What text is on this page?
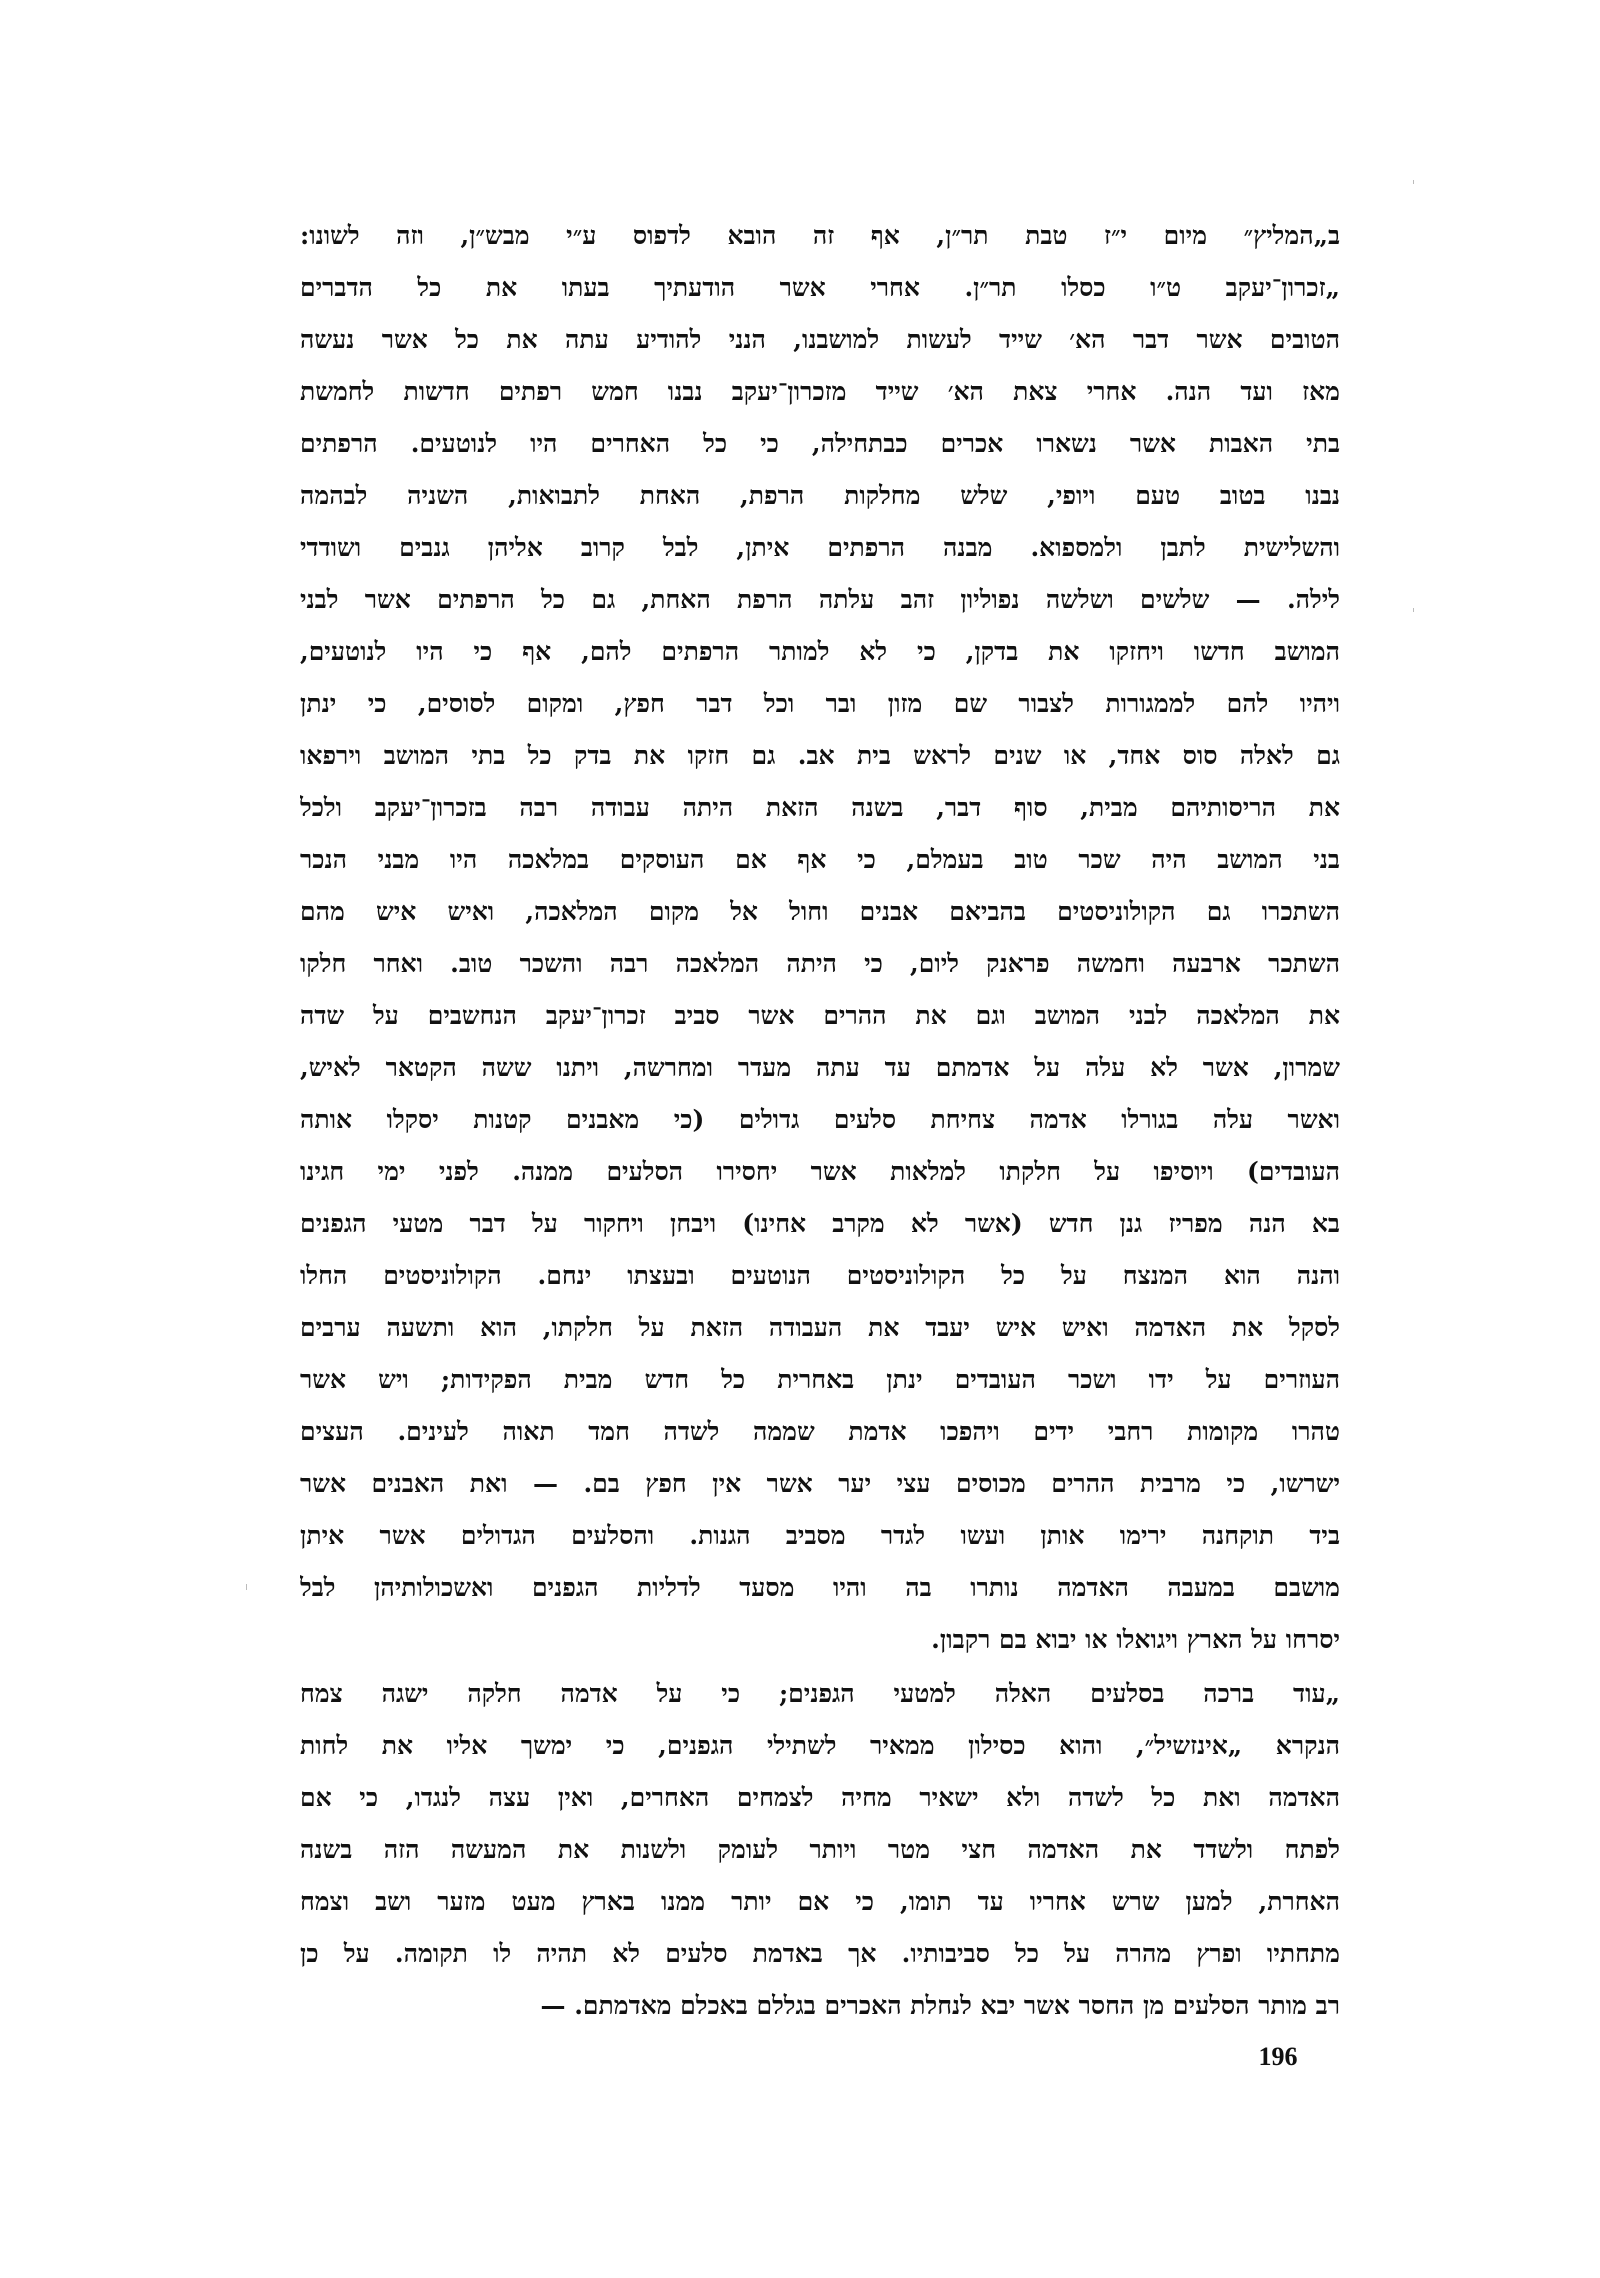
ב„המליץ״ מיום י״ז טבת תר״ן, אף זה הובא לדפוס ע״י מבש״ן, וזה לשונו:
„זכרון־יעקב ט״ו כסלו תר״ן. אחרי אשר הודעתיך בעתו את כל הדברים
הטובים אשר דבר הא׳ שייד לעשות למושבנו, הנני להודיע עתה את כל אשר נעשה
מאז ועד הנה. אחרי צאת הא׳ שייד מזכרון־יעקב נבנו חמש רפתים חדשות לחמשת
בתי האבות אשר נשארו אכרים כבתחילה, כי כל האחרים היו לנוטעים. הרפתים
נבנו בטוב טעם ויופי, שלש מחלקות הרפת, האחת לתבואות, השניה לבהמה
והשלישית לתבן ולמספוא. מבנה הרפתים איתן, לבל קרוב אליהן גנבים ושודדי
לילה. — שלשים ושלשה נפוליון זהב עלתה הרפת האחת, גם כל הרפתים אשר לבני
המושב חדשו ויחזקו את בדקן, כי לא למותר הרפתים להם, אף כי היו לנוטעים,
ויהיו להם לממגורות לצבור שם מזון ובר וכל דבר חפץ, ומקום לסוסים, כי ינתן
גם לאלה סוס אחד, או שנים לראש בית אב. גם חזקו את בדק כל בתי המושב וירפאו
את הריסותיהם מבית, סוף דבר, בשנה הזאת היתה עבודה רבה בזכרון־יעקב ולכל
בני המושב היה שכר טוב בעמלם, כי אף אם העוסקים במלאכה היו מבני הנכר
השתכרו גם הקולוניסטים בהביאם אבנים וחול אל מקום המלאכה, ואיש איש מהם
השתכר ארבעה וחמשה פראנק ליום, כי היתה המלאכה רבה והשכר טוב. ואחר חלקו
את המלאכה לבני המושב וגם את ההרים אשר סביב זכרון־יעקב הנחשבים על שדה
שמרון, אשר לא עלה על אדמתם עד עתה מעדר ומחרשה, ויתנו ששה הקטאר לאיש,
ואשר עלה בגורלו אדמה צחיחת סלעים גדולים (כי מאבנים קטנות יסקלו אותה
העובדים) ויוסיפו על חלקתו למלאות אשר יחסירו הסלעים ממנה. לפני ימי חגינו
בא הנה מפריז גנן חדש (אשר לא מקרב אחינו) ויבחן ויחקור על דבר מטעי הגפנים
והנה הוא המנצח על כל הקולוניסטים הנוטעים ובעצתו ינחם. הקולוניסטים החלו
לסקל את האדמה ואיש איש יעבד את העבודה הזאת על חלקתו, הוא ותשעה ערבים
העוזרים על ידו ושכר העובדים ינתן באחרית כל חדש מבית הפקידות; ויש אשר
טהרו מקומות רחבי ידים ויהפכו אדמת שממה לשדה חמד תאוה לעינים. העצים
ישרשו, כי מרבית ההרים מכוסים עצי יער אשר אין חפץ בם. — ואת האבנים אשר
ביד תוקחנה ירימו אותן ועשו לגדר מסביב הגנות. והסלעים הגדולים אשר איתן
מושבם במעבה האדמה נותרו בה והיו מסעד לדליות הגפנים ואשכולותיהן לבל
יסרחו על הארץ ויגואלו או יבוא בם רקבון.
„עוד ברכה בסלעים האלה למטעי הגפנים; כי על אדמה חלקה ישגה צמח
הנקרא „אינזשיל״, והוא כסילון ממאיר לשתילי הגפנים, כי ימשך אליו את לחות
האדמה ואת כל לשדה ולא ישאיר מחיה לצמחים האחרים, ואין עצה לנגדו, כי אם
לפתח ולשדד את האדמה חצי מטר ויותר לעומק ולשנות את המעשה הזה בשנה
האחרת, למען שרש אחריו עד תומו, כי אם יותר ממנו בארץ מעט מזער ושב וצמח
מתחתיו ופרץ מהרה על כל סביבותיו. אך באדמת סלעים לא תהיה לו תקומה. על כן
רב מותר הסלעים מן החסר אשר יבא לנחלת האכרים בגללם באכלם מאדמתם. —
196
